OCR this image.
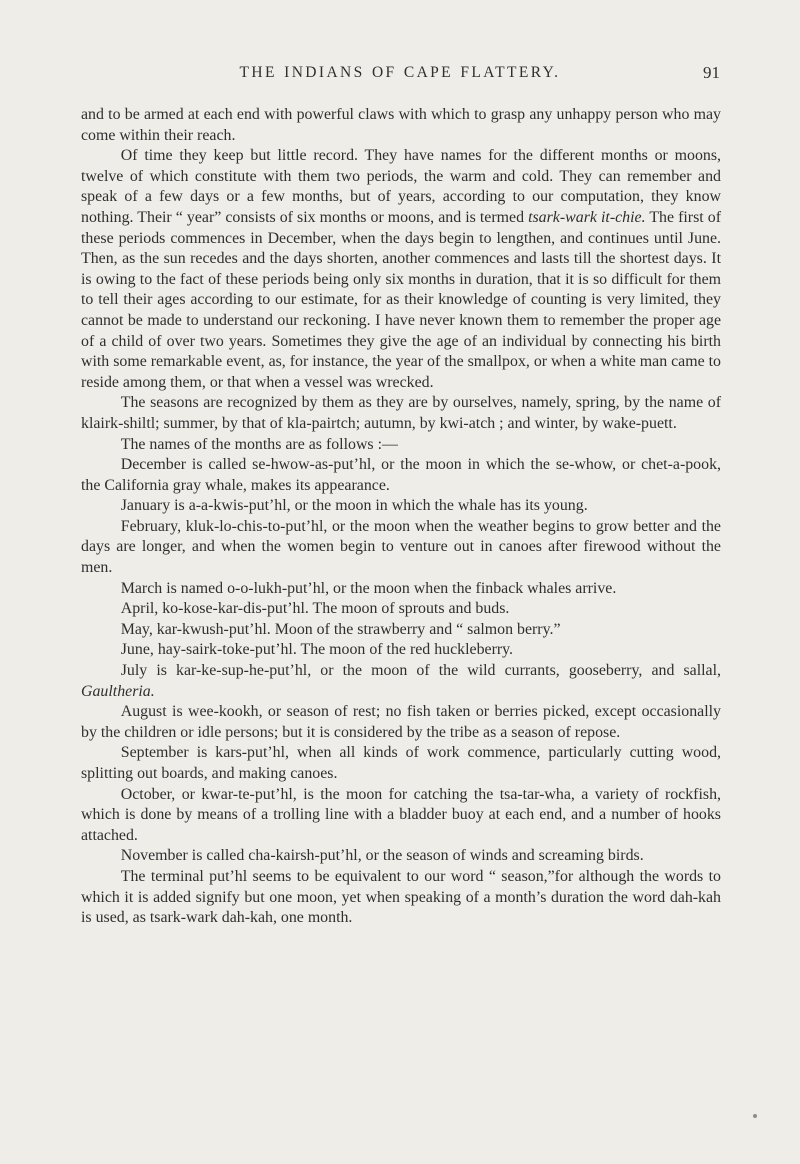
THE INDIANS OF CAPE FLATTERY.	91

and to be armed at each end with powerful claws with which to grasp any unhappy person who may come within their reach.

Of time they keep but little record. They have names for the different months or moons, twelve of which constitute with them two periods, the warm and cold. They can remember and speak of a few days or a few months, but of years, according to our computation, they know nothing. Their “ year” consists of six months or moons, and is termed tsark-wark it-chie. The first of these periods commences in December, when the days begin to lengthen, and continues until June. Then, as the sun recedes and the days shorten, another commences and lasts till the shortest days. It is owing to the fact of these periods being only six months in duration, that it is so difficult for them to tell their ages according to our estimate, for as their knowledge of counting is very limited, they cannot be made to understand our reckoning. I have never known them to remember the proper age of a child of over two years. Sometimes they give the age of an individual by connecting his birth with some remarkable event, as, for instance, the year of the smallpox, or when a white man came to reside among them, or that when a vessel was wrecked.

The seasons are recognized by them as they are by ourselves, namely, spring, by the name of klairk-shiltl; summer, by that of kla-pairtch; autumn, by kwi-atch ; and winter, by wake-puett.

The names of the months are as follows :—

December is called se-hwow-as-put’hl, or the moon in which the se-whow, or chet-a-pook, the California gray whale, makes its appearance.

January is a-a-kwis-put’hl, or the moon in which the whale has its young.

February, kluk-lo-chis-to-put’hl, or the moon when the weather begins to grow better and the days are longer, and when the women begin to venture out in canoes after firewood without the men.

March is named o-o-lukh-put’hl, or the moon when the finback whales arrive.

April, ko-kose-kar-dis-put’hl. The moon of sprouts and buds.

May, kar-kwush-put’hl. Moon of the strawberry and “ salmon berry.”

June, hay-sairk-toke-put’hl. The moon of the red huckleberry.

July is kar-ke-sup-he-put’hl, or the moon of the wild currants, gooseberry, and sallal, Gaultheria.

August is wee-kookh, or season of rest; no fish taken or berries picked, except occasionally by the children or idle persons; but it is considered by the tribe as a season of repose.

September is kars-put’hl, when all kinds of work commence, particularly cutting wood, splitting out boards, and making canoes.

October, or kwar-te-put’hl, is the moon for catching the tsa-tar-wha, a variety of rockfish, which is done by means of a trolling line with a bladder buoy at each end, and a number of hooks attached.

November is called cha-kairsh-put’hl, or the season of winds and screaming birds.

The terminal put’hl seems to be equivalent to our word “ season,”for although the words to which it is added signify but one moon, yet when speaking of a month’s duration the word dah-kah is used, as tsark-wark dah-kah, one month.
